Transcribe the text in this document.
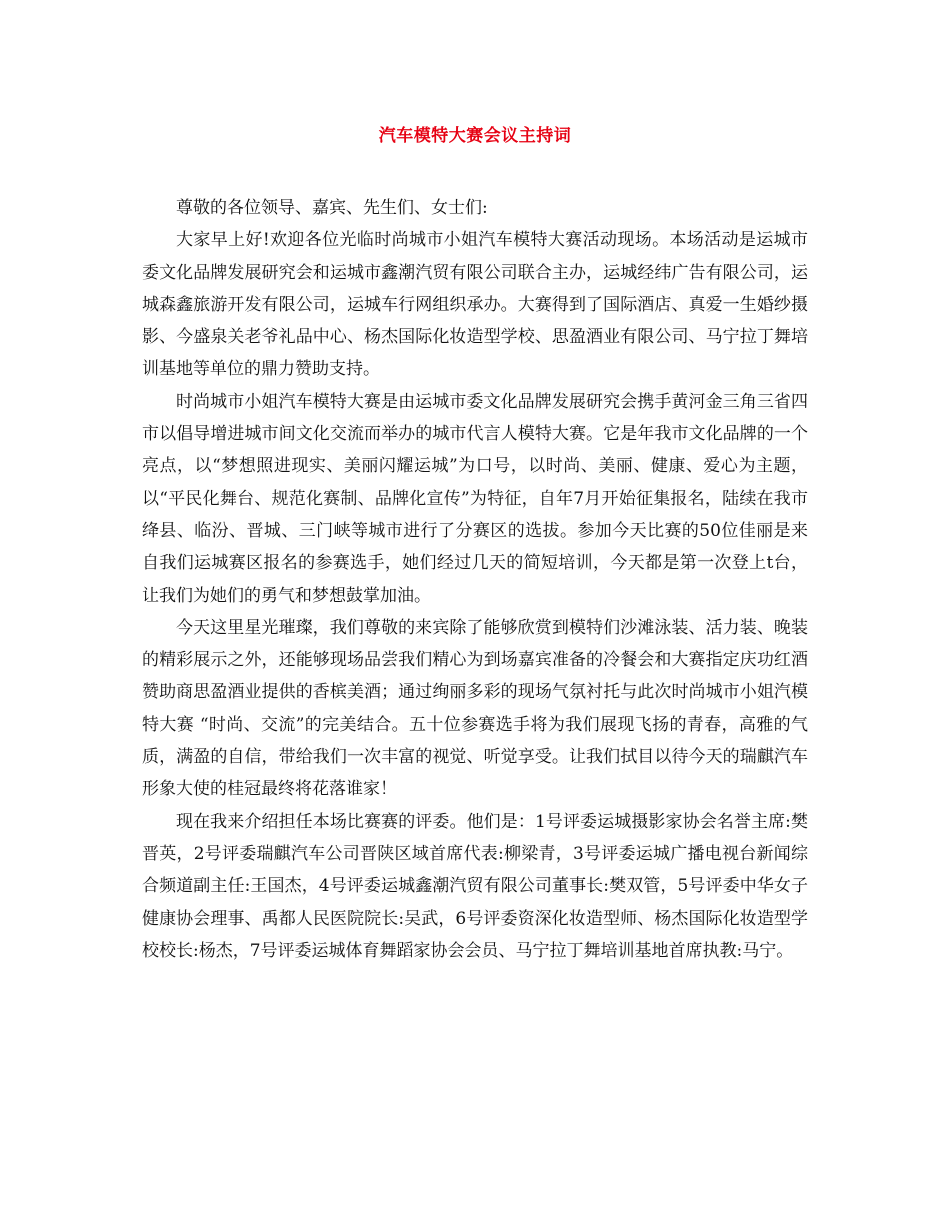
汽车模特大赛会议主持词

尊敬的各位领导、嘉宾、先生们、女士们:

大家早上好!欢迎各位光临时尚城市小姐汽车模特大赛活动现场。本场活动是运城市委文化品牌发展研究会和运城市鑫潮汽贸有限公司联合主办，运城经纬广告有限公司，运城森鑫旅游开发有限公司，运城车行网组织承办。大赛得到了国际酒店、真爱一生婚纱摄影、今盛泉关老爷礼品中心、杨杰国际化妆造型学校、思盈酒业有限公司、马宁拉丁舞培训基地等单位的鼎力赞助支持。

时尚城市小姐汽车模特大赛是由运城市委文化品牌发展研究会携手黄河金三角三省四市以倡导增进城市间文化交流而举办的城市代言人模特大赛。它是年我市文化品牌的一个亮点，以“梦想照进现实、美丽闪耀运城”为口号，以时尚、美丽、健康、爱心为主题，以“平民化舞台、规范化赛制、品牌化宣传”为特征，自年7月开始征集报名，陆续在我市绛县、临汾、晋城、三门峡等城市进行了分赛区的选拔。参加今天比赛的50位佳丽是来自我们运城赛区报名的参赛选手，她们经过几天的简短培训，今天都是第一次登上t台，让我们为她们的勇气和梦想鼓掌加油。

今天这里星光璀璨，我们尊敬的来宾除了能够欣赏到模特们沙滩泳装、活力装、晚装的精彩展示之外，还能够现场品尝我们精心为到场嘉宾准备的冷餐会和大赛指定庆功红酒赞助商思盈酒业提供的香槟美酒；通过绚丽多彩的现场气氛衬托与此次时尚城市小姐汽模特大赛 “时尚、交流”的完美结合。五十位参赛选手将为我们展现飞扬的青春，高雅的气质，满盈的自信，带给我们一次丰富的视觉、听觉享受。让我们拭目以待今天的瑞麒汽车形象大使的桂冠最终将花落谁家！

现在我来介绍担任本场比赛赛的评委。他们是：1号评委运城摄影家协会名誉主席:樊晋英，2号评委瑞麒汽车公司晋陕区域首席代表:柳梁青，3号评委运城广播电视台新闻综合频道副主任:王国杰，4号评委运城鑫潮汽贸有限公司董事长:樊双管，5号评委中华女子健康协会理事、禹都人民医院院长:吴武，6号评委资深化妆造型师、杨杰国际化妆造型学校校长:杨杰，7号评委运城体育舞蹈家协会会员、马宁拉丁舞培训基地首席执教:马宁。
